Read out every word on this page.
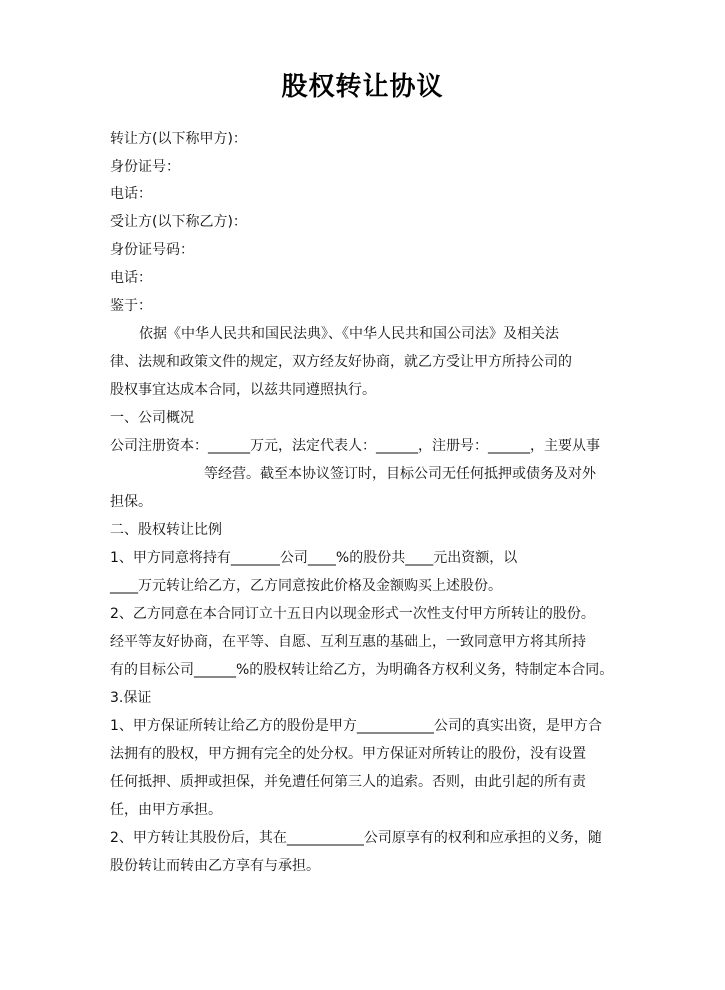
股权转让协议
转让方(以下称甲方)：
身份证号：
电话：
受让方(以下称乙方)：
身份证号码：
电话：
鉴于：
依据《中华人民共和国民法典》、《中华人民共和国公司法》及相关法
律、法规和政策文件的规定，双方经友好协商，就乙方受让甲方所持公司的
股权事宜达成本合同，以兹共同遵照执行。
一、公司概况
公司注册资本：______万元，法定代表人：______，注册号：______，主要从事
等经营。截至本协议签订时，目标公司无任何抵押或债务及对外
担保。
二、股权转让比例
1、甲方同意将持有_______公司____%的股份共____元出资额，以
____万元转让给乙方，乙方同意按此价格及金额购买上述股份。
2、乙方同意在本合同订立十五日内以现金形式一次性支付甲方所转让的股份。
经平等友好协商，在平等、自愿、互利互惠的基础上，一致同意甲方将其所持
有的目标公司______%的股权转让给乙方，为明确各方权利义务，特制定本合同。
3.保证
1、甲方保证所转让给乙方的股份是甲方___________公司的真实出资，是甲方合
法拥有的股权，甲方拥有完全的处分权。甲方保证对所转让的股份，没有设置
任何抵押、质押或担保，并免遭任何第三人的追索。否则，由此引起的所有责
任，由甲方承担。
2、甲方转让其股份后，其在___________公司原享有的权利和应承担的义务，随
股份转让而转由乙方享有与承担。
